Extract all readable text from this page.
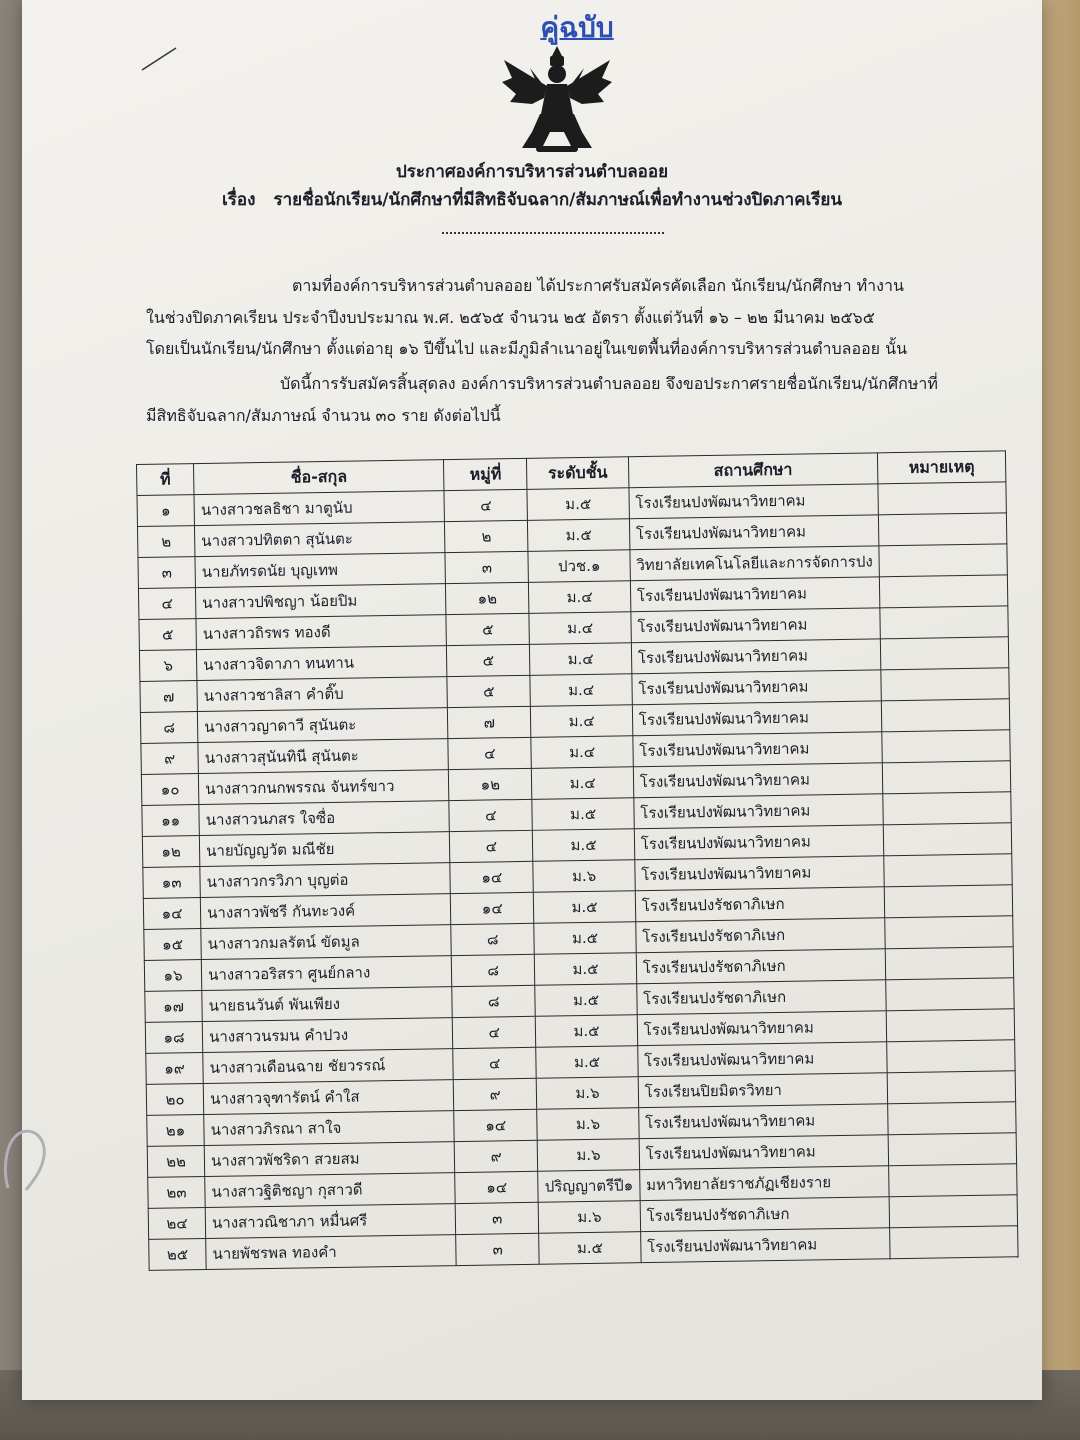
คู่ฉบับ
ประกาศองค์การบริหารส่วนตำบลออย
เรื่อง รายชื่อนักเรียน/นักศึกษาที่มีสิทธิจับฉลาก/สัมภาษณ์เพื่อทำงานช่วงปิดภาคเรียน
ตามที่องค์การบริหารส่วนตำบลออย ได้ประกาศรับสมัครคัดเลือก นักเรียน/นักศึกษา ทำงาน
ในช่วงปิดภาคเรียน ประจำปีงบประมาณ พ.ศ. ๒๕๖๕ จำนวน ๒๕ อัตรา ตั้งแต่วันที่ ๑๖ – ๒๒ มีนาคม ๒๕๖๕
โดยเป็นนักเรียน/นักศึกษา ตั้งแต่อายุ ๑๖ ปีขึ้นไป และมีภูมิลำเนาอยู่ในเขตพื้นที่องค์การบริหารส่วนตำบลออย นั้น
บัดนี้การรับสมัครสิ้นสุดลง องค์การบริหารส่วนตำบลออย จึงขอประกาศรายชื่อนักเรียน/นักศึกษาที่
มีสิทธิจับฉลาก/สัมภาษณ์ จำนวน ๓๐ ราย ดังต่อไปนี้
ที่	ชื่อ-สกุล	หมู่ที่	ระดับชั้น	สถานศึกษา	หมายเหตุ
๑	นางสาวชลธิชา มาตูนับ	๔	ม.๕	โรงเรียนปงพัฒนาวิทยาคม	
๒	นางสาวปทิตตา สุนันตะ	๒	ม.๕	โรงเรียนปงพัฒนาวิทยาคม	
๓	นายภัทรดนัย บุญเทพ	๓	ปวช.๑	วิทยาลัยเทคโนโลยีและการจัดการปง	
๔	นางสาวปพิชญา น้อยปิม	๑๒	ม.๔	โรงเรียนปงพัฒนาวิทยาคม	
๕	นางสาวถิรพร ทองดี	๕	ม.๔	โรงเรียนปงพัฒนาวิทยาคม	
๖	นางสาวจิดาภา ทนทาน	๕	ม.๔	โรงเรียนปงพัฒนาวิทยาคม	
๗	นางสาวชาลิสา คำติ๊บ	๕	ม.๔	โรงเรียนปงพัฒนาวิทยาคม	
๘	นางสาวญาดาวี สุนันตะ	๗	ม.๔	โรงเรียนปงพัฒนาวิทยาคม	
๙	นางสาวสุนันทินี สุนันตะ	๔	ม.๔	โรงเรียนปงพัฒนาวิทยาคม	
๑๐	นางสาวกนกพรรณ จันทร์ขาว	๑๒	ม.๔	โรงเรียนปงพัฒนาวิทยาคม	
๑๑	นางสาวนภสร ใจซื่อ	๔	ม.๕	โรงเรียนปงพัฒนาวิทยาคม	
๑๒	นายบัญญวัต มณีชัย	๔	ม.๕	โรงเรียนปงพัฒนาวิทยาคม	
๑๓	นางสาวกรวิภา บุญต่อ	๑๔	ม.๖	โรงเรียนปงพัฒนาวิทยาคม	
๑๔	นางสาวพัชรี กันทะวงค์	๑๔	ม.๕	โรงเรียนปงรัชดาภิเษก	
๑๕	นางสาวกมลรัตน์ ขัดมูล	๘	ม.๕	โรงเรียนปงรัชดาภิเษก	
๑๖	นางสาวอริสรา ศูนย์กลาง	๘	ม.๕	โรงเรียนปงรัชดาภิเษก	
๑๗	นายธนวันต์ พันเพียง	๘	ม.๕	โรงเรียนปงรัชดาภิเษก	
๑๘	นางสาวนรมน คำปวง	๔	ม.๕	โรงเรียนปงพัฒนาวิทยาคม	
๑๙	นางสาวเดือนฉาย ชัยวรรณ์	๔	ม.๕	โรงเรียนปงพัฒนาวิทยาคม	
๒๐	นางสาวจุฑารัตน์ คำใส	๙	ม.๖	โรงเรียนปิยมิตรวิทยา	
๒๑	นางสาวภิรณา สาใจ	๑๔	ม.๖	โรงเรียนปงพัฒนาวิทยาคม	
๒๒	นางสาวพัชริดา สวยสม	๙	ม.๖	โรงเรียนปงพัฒนาวิทยาคม	
๒๓	นางสาวฐิติชญา กุสาวดี	๑๔	ปริญญาตรีปี๑	มหาวิทยาลัยราชภัฏเชียงราย	
๒๔	นางสาวณิชาภา หมื่นศรี	๓	ม.๖	โรงเรียนปงรัชดาภิเษก	
๒๕	นายพัชรพล ทองคำ	๓	ม.๕	โรงเรียนปงพัฒนาวิทยาคม	
